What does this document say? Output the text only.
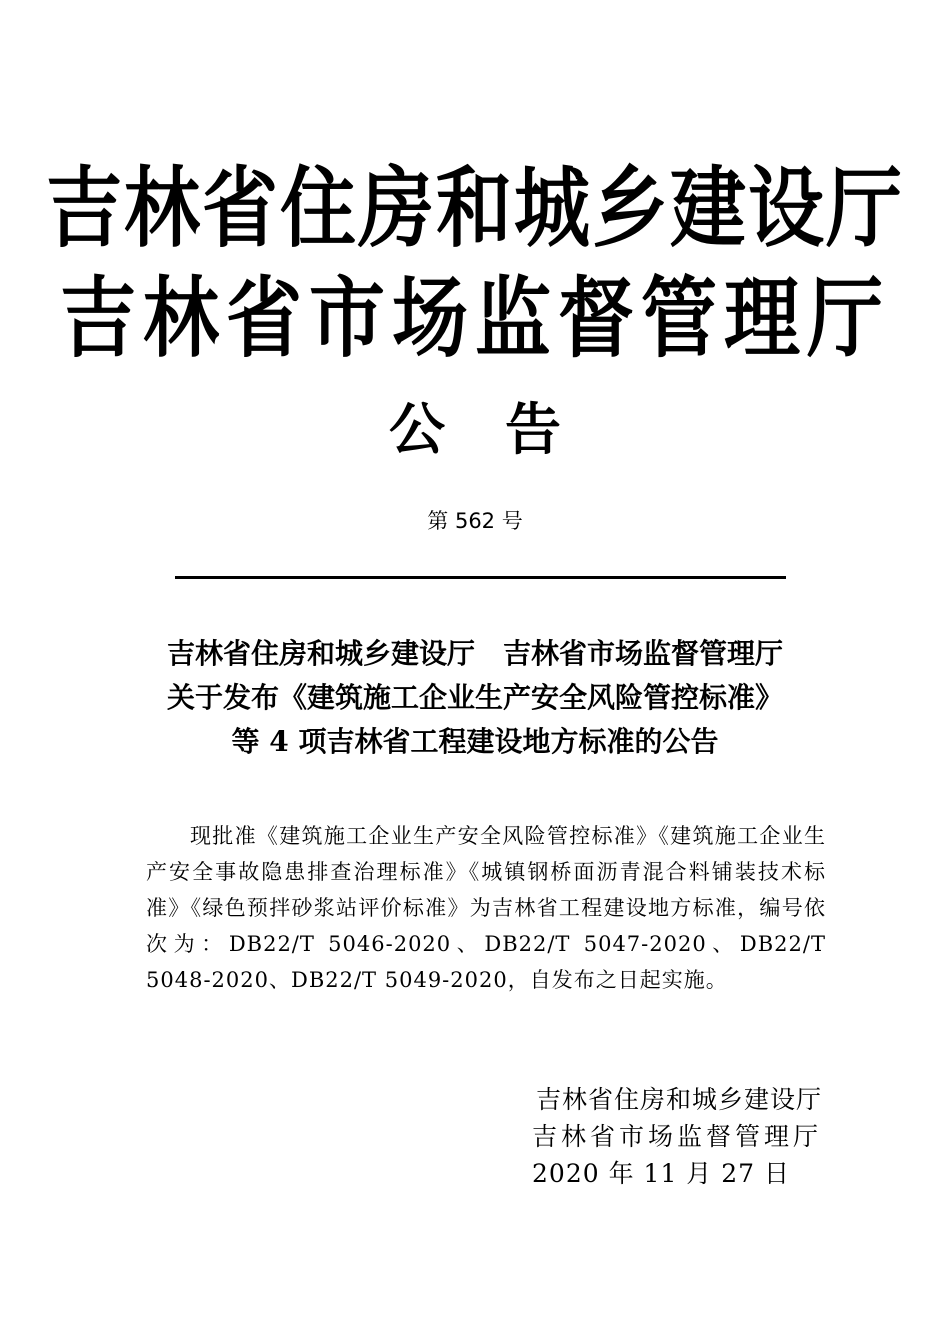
吉林省住房和城乡建设厅
吉林省市场监督管理厅
公告
第 562 号
吉林省住房和城乡建设厅　吉林省市场监督管理厅
关于发布《建筑施工企业生产安全风险管控标准》
等 4 项吉林省工程建设地方标准的公告

现批准《建筑施工企业生产安全风险管控标准》《建筑施工企业生产安全事故隐患排查治理标准》《城镇钢桥面沥青混合料铺装技术标准》《绿色预拌砂浆站评价标准》为吉林省工程建设地方标准，编号依次为：DB22/T 5046-2020、DB22/T 5047-2020、DB22/T 5048-2020、DB22/T 5049-2020，自发布之日起实施。

吉林省住房和城乡建设厅
吉林省市场监督管理厅
2020 年 11 月 27 日
